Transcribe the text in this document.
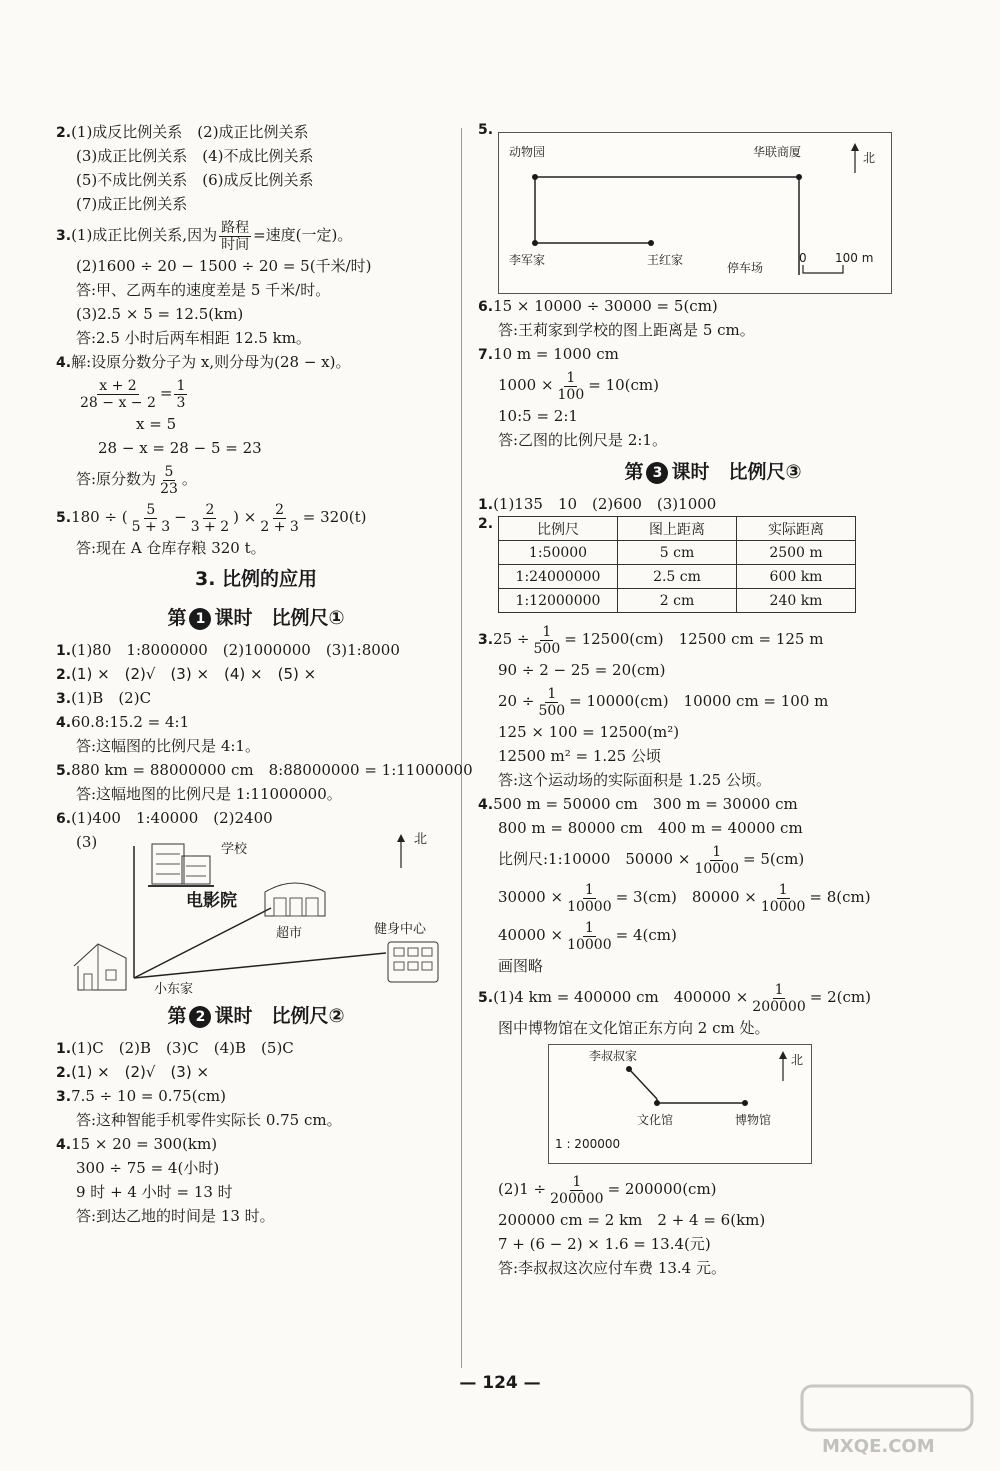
2.(1)成反比例关系　(2)成正比例关系
(3)成正比例关系　(4)不成比例关系
(5)不成比例关系　(6)成反比例关系
(7)成正比例关系
3.(1)成正比例关系,因为 $\frac{\text{路程}}{\text{时间}}$ =速度(一定)。
(2)1600 ÷ 20 − 1500 ÷ 20 = 5(千米/时)
答:甲、乙两车的速度差是 5 千米/时。
(3)2.5 × 5 = 12.5(km)
答:2.5 小时后两车相距 12.5 km。
4.解:设原分数分子为 x,则分母为(28 − x)。
$\frac{x + 2}{28 - x - 2} = \frac{1}{3}$
x = 5
28 − x = 28 − 5 = 23
答:原分数为 $\frac{5}{23}$ 。
5.180 ÷ ( $\frac{5}{5 + 3} - \frac{2}{3 + 2}$ ) × $\frac{2}{2 + 3} = 320(t)$
答:现在 A 仓库存粮 320 t。
3. 比例的应用
第 1 课时　比例尺①
1.(1)80　1:8000000　(2)1000000　(3)1:8000
2.(1) ×　(2)√　(3) ×　(4) ×　(5) ×
3.(1)B　(2)C
4.60.8:15.2 = 4:1
答:这幅图的比例尺是 4:1。
5.880 km = 88000000 cm　8:88000000 = 1:11000000
答:这幅地图的比例尺是 1:11000000。
6.(1)400　1:40000　(2)2400
(3)	学校
电影院
超市	健身中心
北
小东家
第 2 课时　比例尺②
1.(1)C　(2)B　(3)C　(4)B　(5)C
2.(1) ×　(2)√　(3) ×
3.7.5 ÷ 10 = 0.75(cm)
答:这种智能手机零件实际长 0.75 cm。
4.15 × 20 = 300(km)
300 ÷ 75 = 4(小时)
9 时 + 4 小时 = 13 时
答:到达乙地的时间是 13 时。
5.
动物园	华联商厦
李军家	王红家
停车场
0 100 m
北
6.15 × 10000 ÷ 30000 = 5(cm)
答:王莉家到学校的图上距离是 5 cm。
7.10 m = 1000 cm
$1000 \times \frac{1}{100} = 10(cm)$
10:5 = 2:1
答:乙图的比例尺是 2:1。
第 3 课时　比例尺③
1.(1)135　10　(2)600　(3)1000
2.	比例尺	图上距离	实际距离
1:50000	5 cm	2500 m
1:24000000	2.5 cm	600 km
1:12000000	2 cm	240 km
$3.25 \div \frac{1}{500} = 12500(cm)$　12500 cm = 125 m
90 ÷ 2 − 25 = 20(cm)
$20 \div \frac{1}{500} = 10000(cm)$　10000 cm = 100 m
125 × 100 = 12500(m²)
12500 m² = 1.25 公顷
答:这个运动场的实际面积是 1.25 公顷。
4.500 m = 50000 cm　300 m = 30000 cm
800 m = 80000 cm　400 m = 40000 cm
比例尺:1:10000　$50000 \times \frac{1}{10000} = 5(cm)$
$30000 \times \frac{1}{10000} = 3(cm)$　$80000 \times \frac{1}{10000} = 8(cm)$
$40000 \times \frac{1}{10000} = 4(cm)$
画图略
5.(1)4 km = 400000 cm　$400000 \times \frac{1}{200000} = 2(cm)$
图中博物馆在文化馆正东方向 2 cm 处。
李叔叔家
文化馆	博物馆
1 : 200000
北
$(2)1 \div \frac{1}{200000} = 200000(cm)$
200000 cm = 2 km　2 + 4 = 6(km)
7 + (6 − 2) × 1.6 = 13.4(元)
答:李叔叔这次应付车费 13.4 元。
— 124 —
MXQE.COM
